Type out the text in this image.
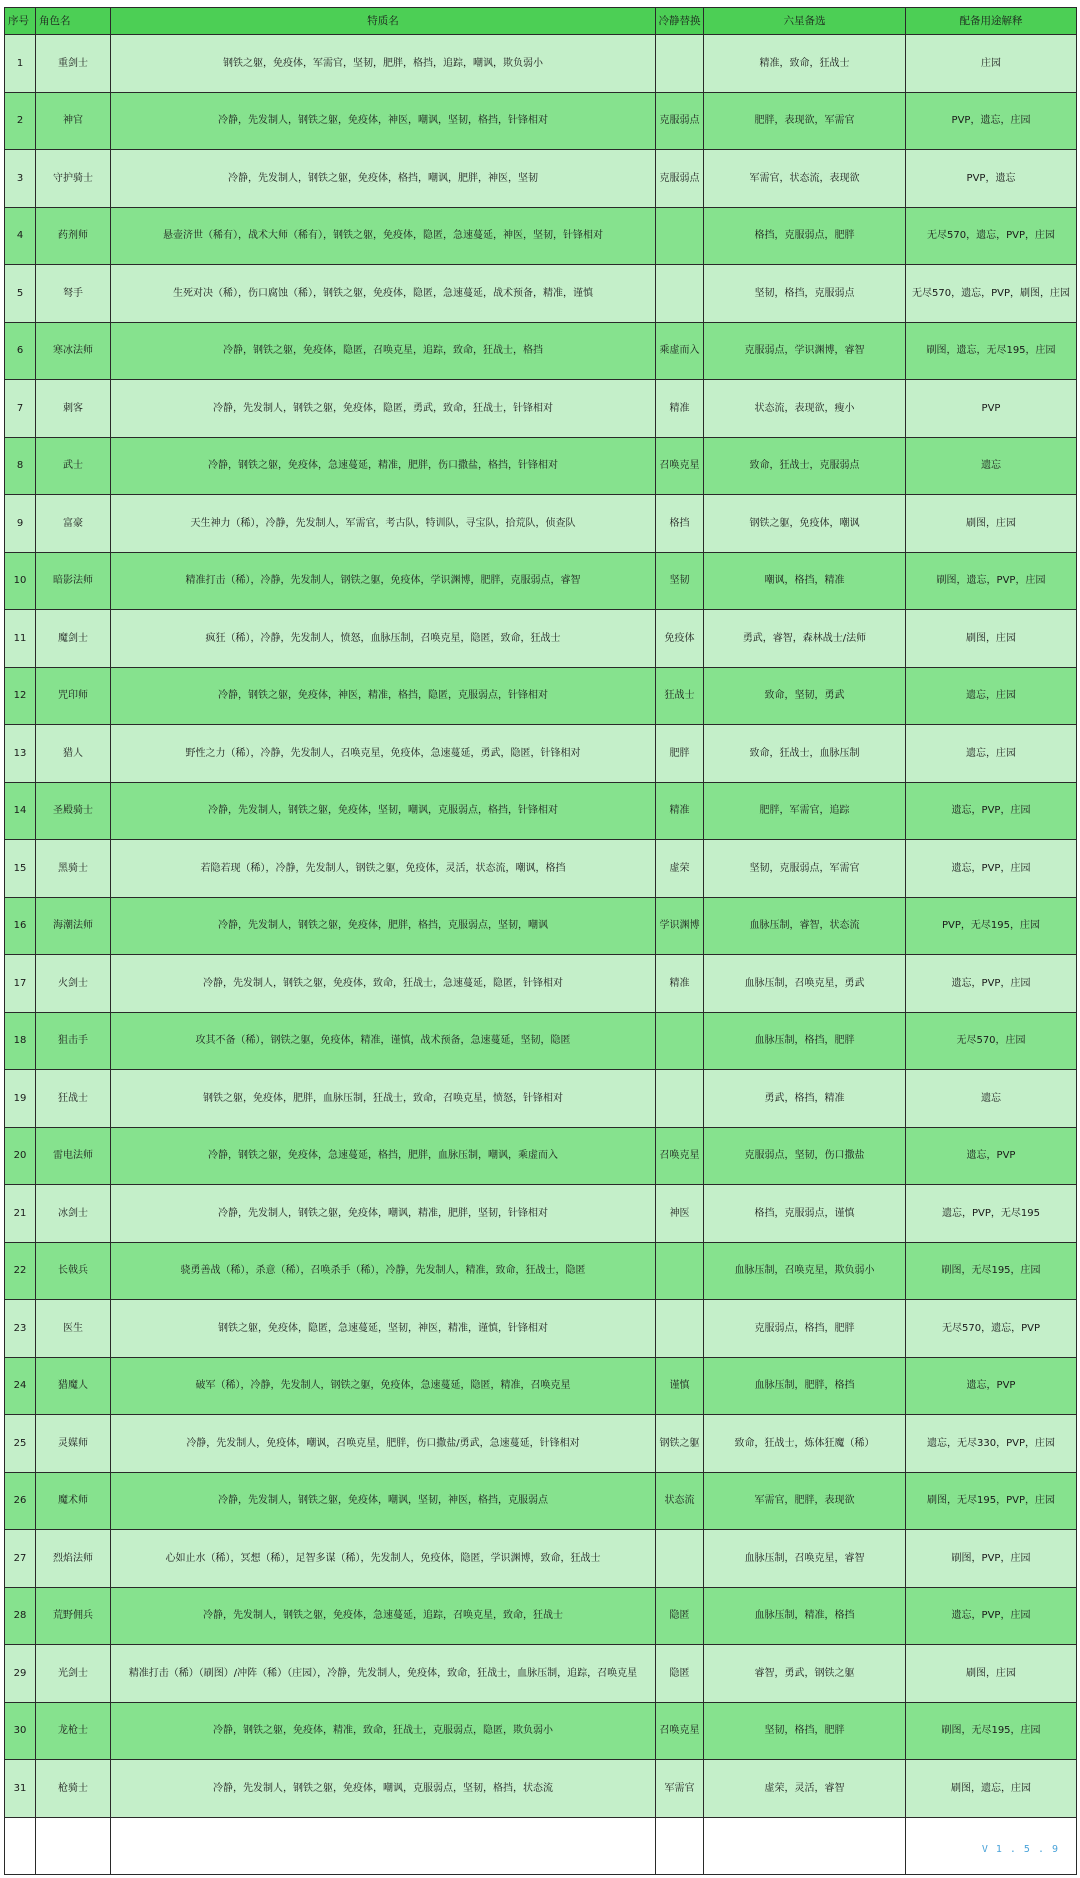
序号	角色名	特质名	冷静替换	六星备选	配备用途解释
1	重剑士	钢铁之躯，免疫体，军需官，坚韧，肥胖，格挡，追踪，嘲讽，欺负弱小		精准，致命，狂战士	庄园
2	神官	冷静，先发制人，钢铁之躯，免疫体，神医，嘲讽，坚韧，格挡，针锋相对	克服弱点	肥胖，表现欲，军需官	PVP，遗忘，庄园
3	守护骑士	冷静，先发制人，钢铁之躯，免疫体，格挡，嘲讽，肥胖，神医，坚韧	克服弱点	军需官，状态流，表现欲	PVP，遗忘
4	药剂师	悬壶济世（稀有），战术大师（稀有），钢铁之躯，免疫体，隐匿，急速蔓延，神医，坚韧，针锋相对		格挡，克服弱点，肥胖	无尽570，遗忘，PVP，庄园
5	弩手	生死对决（稀），伤口腐蚀（稀），钢铁之躯，免疫体，隐匿，急速蔓延，战术预备，精准，谨慎		坚韧，格挡，克服弱点	无尽570，遗忘，PVP，刷图，庄园
6	寒冰法师	冷静，钢铁之躯，免疫体，隐匿，召唤克星，追踪，致命，狂战士，格挡	乘虚而入	克服弱点，学识渊博，睿智	刷图，遗忘，无尽195，庄园
7	刺客	冷静，先发制人，钢铁之躯，免疫体，隐匿，勇武，致命，狂战士，针锋相对	精准	状态流，表现欲，瘦小	PVP
8	武士	冷静，钢铁之躯，免疫体，急速蔓延，精准，肥胖，伤口撒盐，格挡，针锋相对	召唤克星	致命，狂战士，克服弱点	遗忘
9	富豪	天生神力（稀），冷静，先发制人，军需官，考古队，特训队，寻宝队，拾荒队，侦查队	格挡	钢铁之躯，免疫体，嘲讽	刷图，庄园
10	暗影法师	精准打击（稀），冷静，先发制人，钢铁之躯，免疫体，学识渊博，肥胖，克服弱点，睿智	坚韧	嘲讽，格挡，精准	刷图，遗忘，PVP，庄园
11	魔剑士	疯狂（稀），冷静，先发制人，愤怒，血脉压制，召唤克星，隐匿，致命，狂战士	免疫体	勇武，睿智，森林战士/法师	刷图，庄园
12	咒印师	冷静，钢铁之躯，免疫体，神医，精准，格挡，隐匿，克服弱点，针锋相对	狂战士	致命，坚韧，勇武	遗忘，庄园
13	猎人	野性之力（稀），冷静，先发制人，召唤克星，免疫体，急速蔓延，勇武，隐匿，针锋相对	肥胖	致命，狂战士，血脉压制	遗忘，庄园
14	圣殿骑士	冷静，先发制人，钢铁之躯，免疫体，坚韧，嘲讽，克服弱点，格挡，针锋相对	精准	肥胖，军需官，追踪	遗忘，PVP，庄园
15	黑骑士	若隐若现（稀），冷静，先发制人，钢铁之躯，免疫体，灵活，状态流，嘲讽，格挡	虚荣	坚韧，克服弱点，军需官	遗忘，PVP，庄园
16	海潮法师	冷静，先发制人，钢铁之躯，免疫体，肥胖，格挡，克服弱点，坚韧，嘲讽	学识渊博	血脉压制，睿智，状态流	PVP，无尽195，庄园
17	火剑士	冷静，先发制人，钢铁之躯，免疫体，致命，狂战士，急速蔓延，隐匿，针锋相对	精准	血脉压制，召唤克星，勇武	遗忘，PVP，庄园
18	狙击手	攻其不备（稀），钢铁之躯，免疫体，精准，谨慎，战术预备，急速蔓延，坚韧，隐匿		血脉压制，格挡，肥胖	无尽570，庄园
19	狂战士	钢铁之躯，免疫体，肥胖，血脉压制，狂战士，致命，召唤克星，愤怒，针锋相对		勇武，格挡，精准	遗忘
20	雷电法师	冷静，钢铁之躯，免疫体，急速蔓延，格挡，肥胖，血脉压制，嘲讽，乘虚而入	召唤克星	克服弱点，坚韧，伤口撒盐	遗忘，PVP
21	冰剑士	冷静，先发制人，钢铁之躯，免疫体，嘲讽，精准，肥胖，坚韧，针锋相对	神医	格挡，克服弱点，谨慎	遗忘，PVP，无尽195
22	长戟兵	骁勇善战（稀），杀意（稀），召唤杀手（稀），冷静，先发制人，精准，致命，狂战士，隐匿		血脉压制，召唤克星，欺负弱小	刷图，无尽195，庄园
23	医生	钢铁之躯，免疫体，隐匿，急速蔓延，坚韧，神医，精准，谨慎，针锋相对		克服弱点，格挡，肥胖	无尽570，遗忘，PVP
24	猎魔人	破军（稀），冷静，先发制人，钢铁之躯，免疫体，急速蔓延，隐匿，精准，召唤克星	谨慎	血脉压制，肥胖，格挡	遗忘，PVP
25	灵媒师	冷静，先发制人，免疫体，嘲讽，召唤克星，肥胖，伤口撒盐/勇武，急速蔓延，针锋相对	钢铁之躯	致命，狂战士，炼体狂魔（稀）	遗忘，无尽330，PVP，庄园
26	魔术师	冷静，先发制人，钢铁之躯，免疫体，嘲讽，坚韧，神医，格挡，克服弱点	状态流	军需官，肥胖，表现欲	刷图，无尽195，PVP，庄园
27	烈焰法师	心如止水（稀），冥想（稀），足智多谋（稀），先发制人，免疫体，隐匿，学识渊博，致命，狂战士		血脉压制，召唤克星，睿智	刷图，PVP，庄园
28	荒野佣兵	冷静，先发制人，钢铁之躯，免疫体，急速蔓延，追踪，召唤克星，致命，狂战士	隐匿	血脉压制，精准，格挡	遗忘，PVP，庄园
29	光剑士	精准打击（稀）（刷图）/冲阵（稀）（庄园），冷静，先发制人，免疫体，致命，狂战士，血脉压制，追踪，召唤克星	隐匿	睿智，勇武，钢铁之躯	刷图，庄园
30	龙枪士	冷静，钢铁之躯，免疫体，精准，致命，狂战士，克服弱点，隐匿，欺负弱小	召唤克星	坚韧，格挡，肥胖	刷图，无尽195，庄园
31	枪骑士	冷静，先发制人，钢铁之躯，免疫体，嘲讽，克服弱点，坚韧，格挡，状态流	军需官	虚荣，灵活，睿智	刷图，遗忘，庄园
					V1.5.9
